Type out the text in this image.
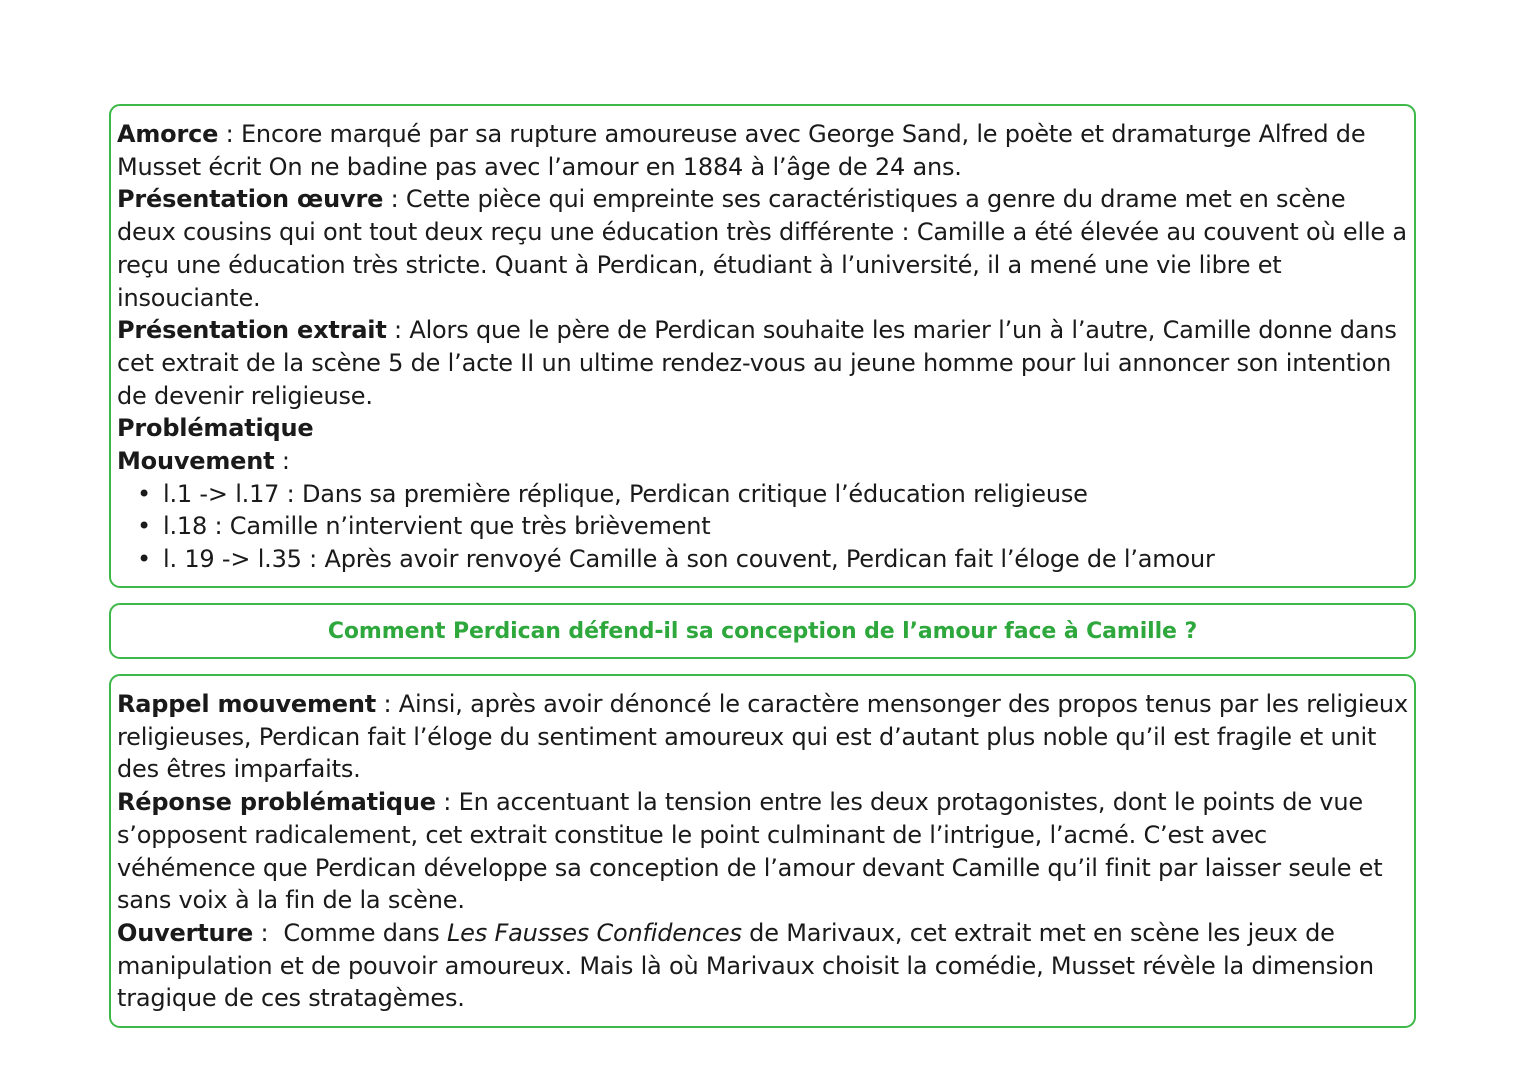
Amorce : Encore marqué par sa rupture amoureuse avec George Sand, le poète et dramaturge Alfred de Musset écrit On ne badine pas avec l’amour en 1884 à l’âge de 24 ans.

Présentation œuvre : Cette pièce qui empreinte ses caractéristiques a genre du drame met en scène deux cousins qui ont tout deux reçu une éducation très différente : Camille a été élevée au couvent où elle a reçu une éducation très stricte. Quant à Perdican, étudiant à l’université, il a mené une vie libre et insouciante.

Présentation extrait : Alors que le père de Perdican souhaite les marier l’un à l’autre, Camille donne dans cet extrait de la scène 5 de l’acte II un ultime rendez-vous au jeune homme pour lui annoncer son intention de devenir religieuse.

Problématique

Mouvement :

• l.1 -> l.17 : Dans sa première réplique, Perdican critique l’éducation religieuse
• l.18 : Camille n’intervient que très brièvement
• l. 19 -> l.35 : Après avoir renvoyé Camille à son couvent, Perdican fait l’éloge de l’amour
Comment Perdican défend-il sa conception de l’amour face à Camille ?

Rappel mouvement : Ainsi, après avoir dénoncé le caractère mensonger des propos tenus par les religieux religieuses, Perdican fait l’éloge du sentiment amoureux qui est d’autant plus noble qu’il est fragile et unit des êtres imparfaits.

Réponse problématique : En accentuant la tension entre les deux protagonistes, dont le points de vue s’opposent radicalement, cet extrait constitue le point culminant de l’intrigue, l’acmé. C’est avec véhémence que Perdican développe sa conception de l’amour devant Camille qu’il finit par laisser seule et sans voix à la fin de la scène.

Ouverture :  Comme dans Les Fausses Confidences de Marivaux, cet extrait met en scène les jeux de manipulation et de pouvoir amoureux. Mais là où Marivaux choisit la comédie, Musset révèle la dimension tragique de ces stratagèmes.
